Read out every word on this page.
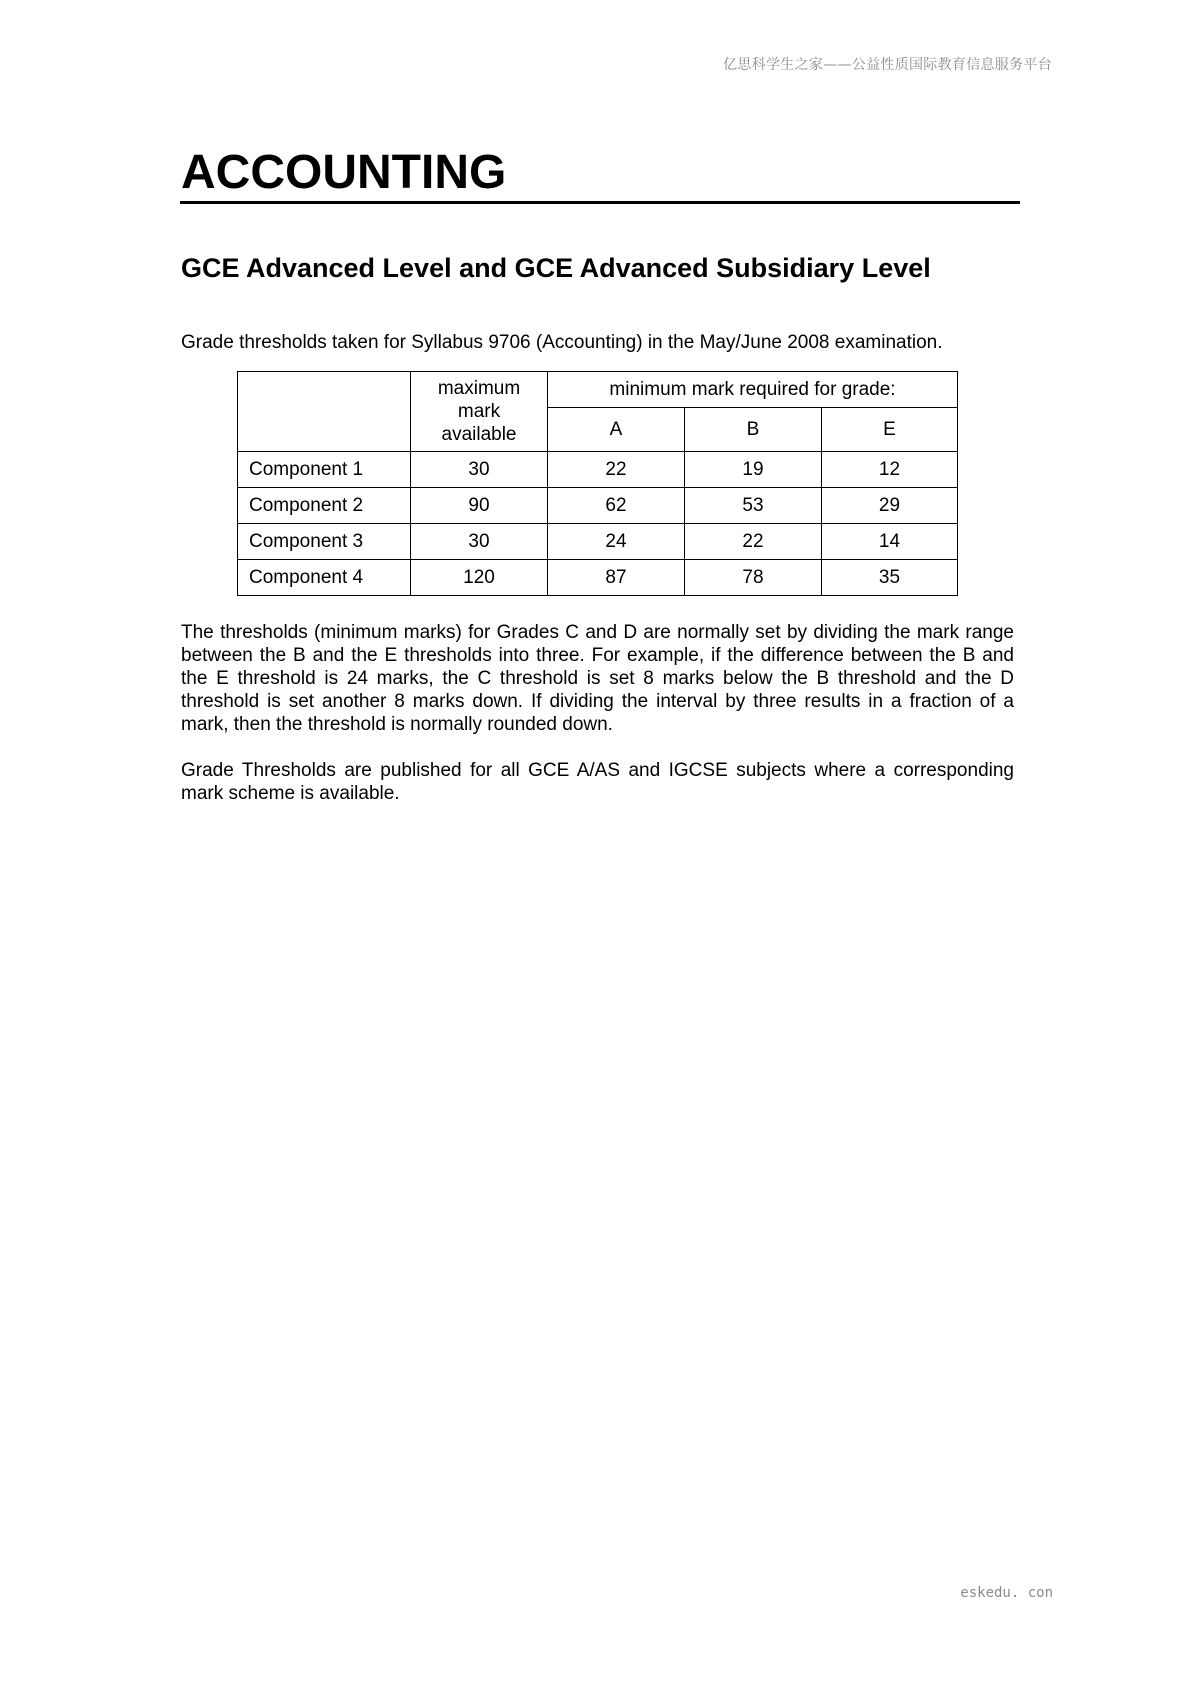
亿思科学生之家——公益性质国际教育信息服务平台
ACCOUNTING
GCE Advanced Level and GCE Advanced Subsidiary Level

Grade thresholds taken for Syllabus 9706 (Accounting) in the May/June 2008 examination.

	maximum mark available	minimum mark required for grade:		
		A	B	E
Component 1	30	22	19	12
Component 2	90	62	53	29
Component 3	30	24	22	14
Component 4	120	87	78	35

The thresholds (minimum marks) for Grades C and D are normally set by dividing the mark range between the B and the E thresholds into three. For example, if the difference between the B and the E threshold is 24 marks, the C threshold is set 8 marks below the B threshold and the D threshold is set another 8 marks down. If dividing the interval by three results in a fraction of a mark, then the threshold is normally rounded down.

Grade Thresholds are published for all GCE A/AS and IGCSE subjects where a corresponding mark scheme is available.

eskedu. con
